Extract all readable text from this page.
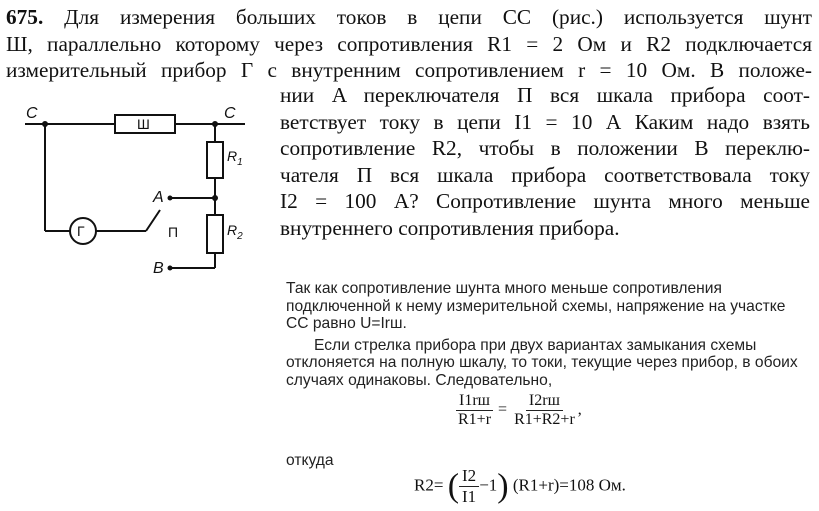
675. Для измерения больших токов в цепи CC (рис.) используется шунт
Ш, параллельно которому через сопротивления R1 = 2 Ом и R2 подключается
измерительный прибор Г с внутренним сопротивлением r = 10 Ом. В положе-
нии A переключателя П вся шкала прибора соот-
ветствует току в цепи I1 = 10 А Каким надо взять
сопротивление R2, чтобы в положении B переклю-
чателя П вся шкала прибора соответствовала току
I2 = 100 А? Сопротивление шунта много меньше
внутреннего сопротивления прибора.
C	C
A
B
Ш
Г	П
$R_1$
$R_2$
Так как сопротивление шунта много меньше сопротивления подключенной к нему измерительной схемы, напряжение на участке CC равно U=Irш.
Если стрелка прибора при двух вариантах замыкания схемы отклоняется на полную шкалу, то токи, текущие через прибор, в обоих случаях одинаковы. Следовательно,
$\frac{I1rш}{R1+r} = \frac{I2rш}{R1+R2+r}$ ,
откуда
R2= ( $\frac{I2}{I1} -1$) (R1+r)=108 Ом.
